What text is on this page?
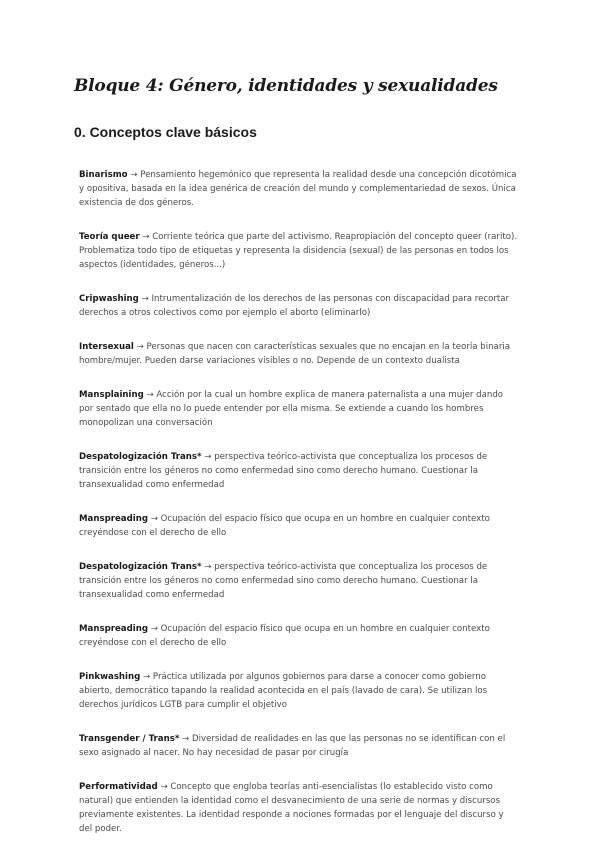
Bloque 4: Género, identidades y sexualidades
0. Conceptos clave básicos

Binarismo → Pensamiento hegemónico que representa la realidad desde una concepción dicotómica y opositiva, basada en la idea genérica de creación del mundo y complementariedad de sexos. Única existencia de dos géneros.

Teoría queer → Corriente teórica que parte del activismo. Reapropiación del concepto queer (rarito). Problematiza todo tipo de etiquetas y representa la disidencia (sexual) de las personas en todos los aspectos (identidades, géneros...)

Cripwashing → Intrumentalización de los derechos de las personas con discapacidad para recortar derechos a otros colectivos como por ejemplo el aborto (eliminarlo)

Intersexual → Personas que nacen con características sexuales que no encajan en la teoría binaria hombre/mujer. Pueden darse variaciones visibles o no. Depende de un contexto dualista

Mansplaining → Acción por la cual un hombre explica de manera paternalista a una mujer dando por sentado que ella no lo puede entender por ella misma. Se extiende a cuando los hombres monopolizan una conversación

Despatologización Trans* → perspectiva teórico-activista que conceptualiza los procesos de transición entre los géneros no como enfermedad sino como derecho humano. Cuestionar la transexualidad como enfermedad

Manspreading → Ocupación del espacio físico que ocupa en un hombre en cualquier contexto creyéndose con el derecho de ello

Despatologización Trans* → perspectiva teórico-activista que conceptualiza los procesos de transición entre los géneros no como enfermedad sino como derecho humano. Cuestionar la transexualidad como enfermedad

Manspreading → Ocupación del espacio físico que ocupa en un hombre en cualquier contexto creyéndose con el derecho de ello

Pinkwashing → Práctica utilizada por algunos gobiernos para darse a conocer como gobierno abierto, democrático tapando la realidad acontecida en el país (lavado de cara). Se utilizan los derechos jurídicos LGTB para cumplir el objetivo

Transgender / Trans* → Diversidad de realidades en las que las personas no se identifican con el sexo asignado al nacer. No hay necesidad de pasar por cirugía

Performatividad → Concepto que engloba teorías anti-esencialistas (lo establecido visto como natural) que entienden la identidad como el desvanecimiento de una serie de normas y discursos previamente existentes. La identidad responde a nociones formadas por el lenguaje del discurso y del poder.
